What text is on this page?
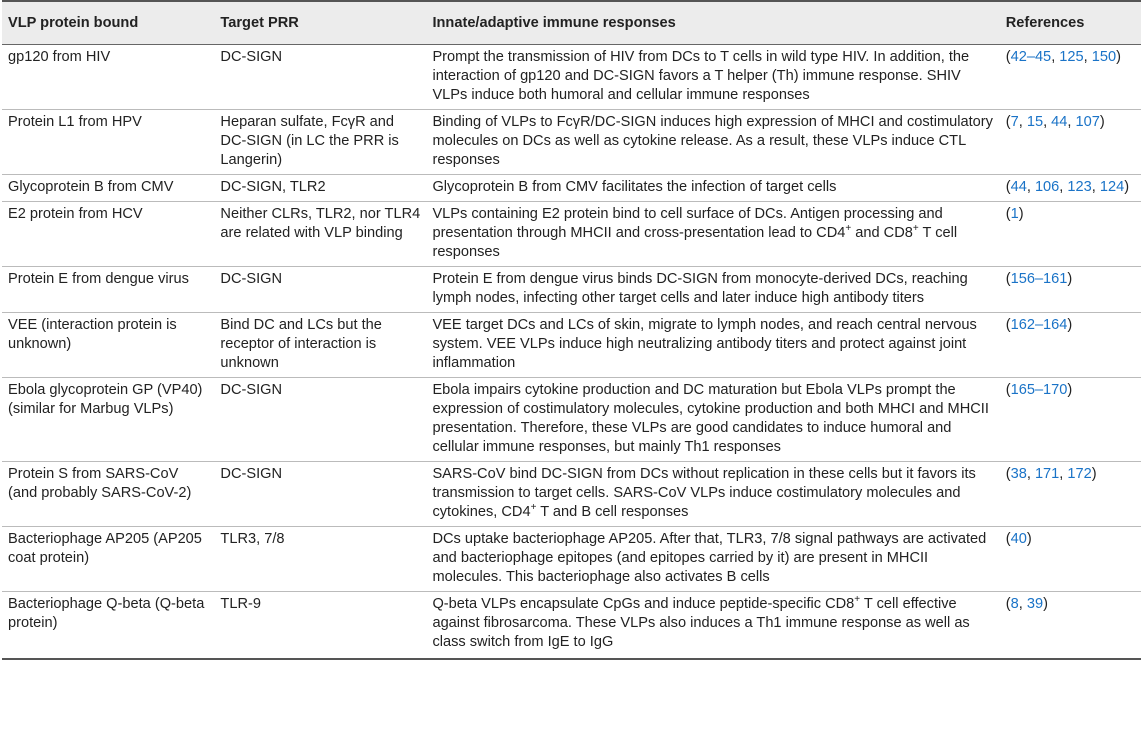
VLP protein bound	Target PRR	Innate/adaptive immune responses	References
gp120 from HIV	DC-SIGN	Prompt the transmission of HIV from DCs to T cells in wild type HIV. In addition, the interaction of gp120 and DC-SIGN favors a T helper (Th) immune response. SHIV VLPs induce both humoral and cellular immune responses	(42–45, 125, 150)
Protein L1 from HPV	Heparan sulfate, FcγR and DC-SIGN (in LC the PRR is Langerin)	Binding of VLPs to FcγR/DC-SIGN induces high expression of MHCI and costimulatory molecules on DCs as well as cytokine release. As a result, these VLPs induce CTL responses	(7, 15, 44, 107)
Glycoprotein B from CMV	DC-SIGN, TLR2	Glycoprotein B from CMV facilitates the infection of target cells	(44, 106, 123, 124)
E2 protein from HCV	Neither CLRs, TLR2, nor TLR4 are related with VLP binding	VLPs containing E2 protein bind to cell surface of DCs. Antigen processing and presentation through MHCII and cross-presentation lead to CD4+ and CD8+ T cell responses	(1)
Protein E from dengue virus	DC-SIGN	Protein E from dengue virus binds DC-SIGN from monocyte-derived DCs, reaching lymph nodes, infecting other target cells and later induce high antibody titers	(156–161)
VEE (interaction protein is unknown)	Bind DC and LCs but the receptor of interaction is unknown	VEE target DCs and LCs of skin, migrate to lymph nodes, and reach central nervous system. VEE VLPs induce high neutralizing antibody titers and protect against joint inflammation	(162–164)
Ebola glycoprotein GP (VP40) (similar for Marbug VLPs)	DC-SIGN	Ebola impairs cytokine production and DC maturation but Ebola VLPs prompt the expression of costimulatory molecules, cytokine production and both MHCI and MHCII presentation. Therefore, these VLPs are good candidates to induce humoral and cellular immune responses, but mainly Th1 responses	(165–170)
Protein S from SARS-CoV (and probably SARS-CoV-2)	DC-SIGN	SARS-CoV bind DC-SIGN from DCs without replication in these cells but it favors its transmission to target cells. SARS-CoV VLPs induce costimulatory molecules and cytokines, CD4+ T and B cell responses	(38, 171, 172)
Bacteriophage AP205 (AP205 coat protein)	TLR3, 7/8	DCs uptake bacteriophage AP205. After that, TLR3, 7/8 signal pathways are activated and bacteriophage epitopes (and epitopes carried by it) are present in MHCII molecules. This bacteriophage also activates B cells	(40)
Bacteriophage Q-beta (Q-beta protein)	TLR-9	Q-beta VLPs encapsulate CpGs and induce peptide-specific CD8+ T cell effective against fibrosarcoma. These VLPs also induces a Th1 immune response as well as class switch from IgE to IgG	(8, 39)
